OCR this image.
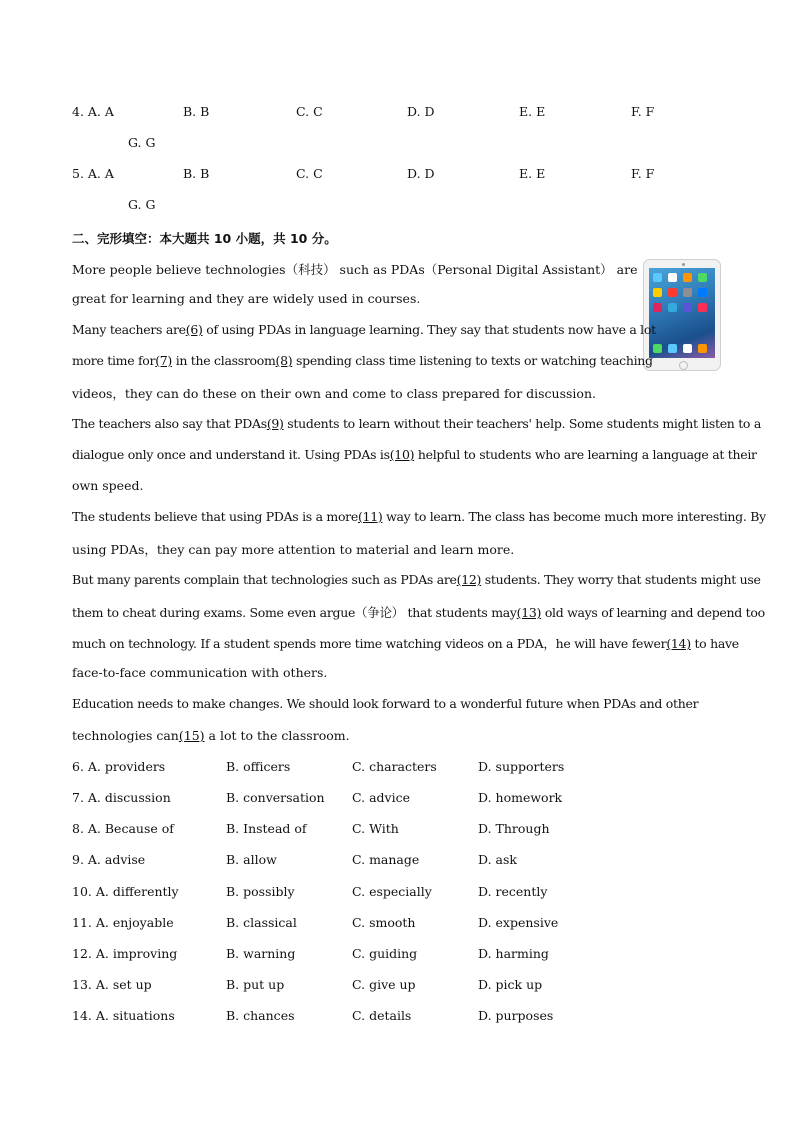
4. A. A	B. B	C. C	D. D	E. E	F. F
G. G
5. A. A	B. B	C. C	D. D	E. E	F. F
G. G
二、完形填空：本大题共 10 小题，共 10 分。
More people believe technologies（科技） such as PDAs（Personal Digital Assistant） are
great for learning and they are widely used in courses.
Many teachers are(6) of using PDAs in language learning. They say that students now have a lot
more time for(7) in the classroom(8) spending class time listening to texts or watching teaching
videos，they can do these on their own and come to class prepared for discussion.
The teachers also say that PDAs(9) students to learn without their teachers' help. Some students might listen to a
dialogue only once and understand it. Using PDAs is(10) helpful to students who are learning a language at their
own speed.
The students believe that using PDAs is a more(11) way to learn. The class has become much more interesting. By
using PDAs，they can pay more attention to material and learn more.
But many parents complain that technologies such as PDAs are(12) students. They worry that students might use
them to cheat during exams. Some even argue（争论） that students may(13) old ways of learning and depend too
much on technology. If a student spends more time watching videos on a PDA，he will have fewer(14) to have
face-to-face communication with others.
Education needs to make changes. We should look forward to a wonderful future when PDAs and other
technologies can(15) a lot to the classroom.
6. A. providers	B. officers	C. characters	D. supporters
7. A. discussion	B. conversation C. advice	D. homework
8. A. Because of	B. Instead of	C. With	D. Through
9. A. advise	B. allow	C. manage	D. ask
10. A. differently	B. possibly	C. especially	D. recently
11. A. enjoyable	B. classical	C. smooth	D. expensive
12. A. improving	B. warning	C. guiding	D. harming
13. A. set up	B. put up	C. give up	D. pick up
14. A. situations	B. chances	C. details	D. purposes
